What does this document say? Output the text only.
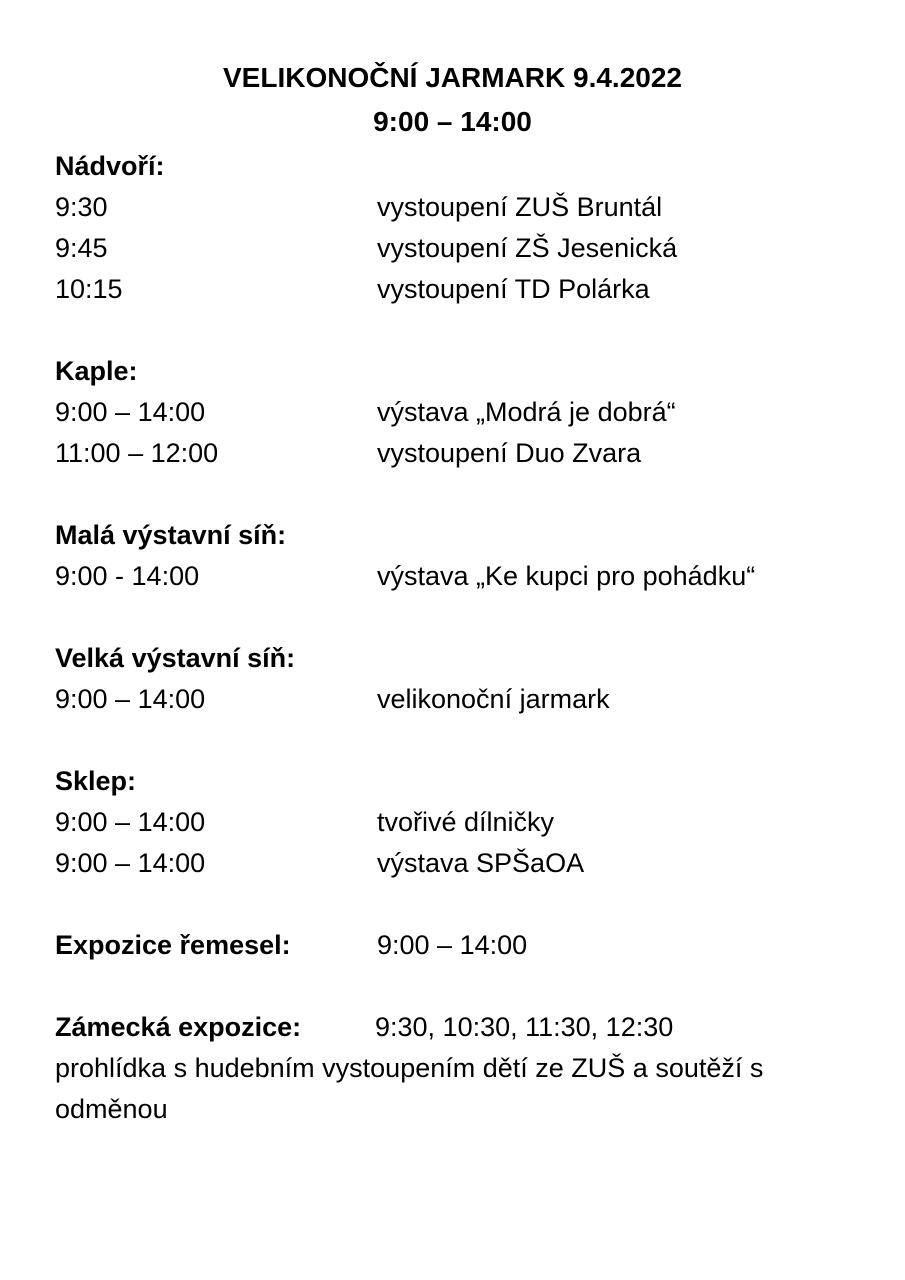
VELIKONOČNÍ JARMARK 9.4.2022
9:00 – 14:00
Nádvoří:
9:30	vystoupení ZUŠ Bruntál
9:45	vystoupení ZŠ Jesenická
10:15	vystoupení TD Polárka
Kaple:
9:00 – 14:00	výstava „Modrá je dobrá“
11:00 – 12:00	vystoupení Duo Zvara
Malá výstavní síň:
9:00 - 14:00	výstava „Ke kupci pro pohádku“
Velká výstavní síň:
9:00 – 14:00	velikonoční jarmark
Sklep:
9:00 – 14:00	tvořivé dílničky
9:00 – 14:00	výstava SPŠaOA
Expozice řemesel:	9:00 – 14:00
Zámecká expozice:	9:30, 10:30, 11:30, 12:30
prohlídka s hudebním vystoupením dětí ze ZUŠ a soutěží s odměnou
